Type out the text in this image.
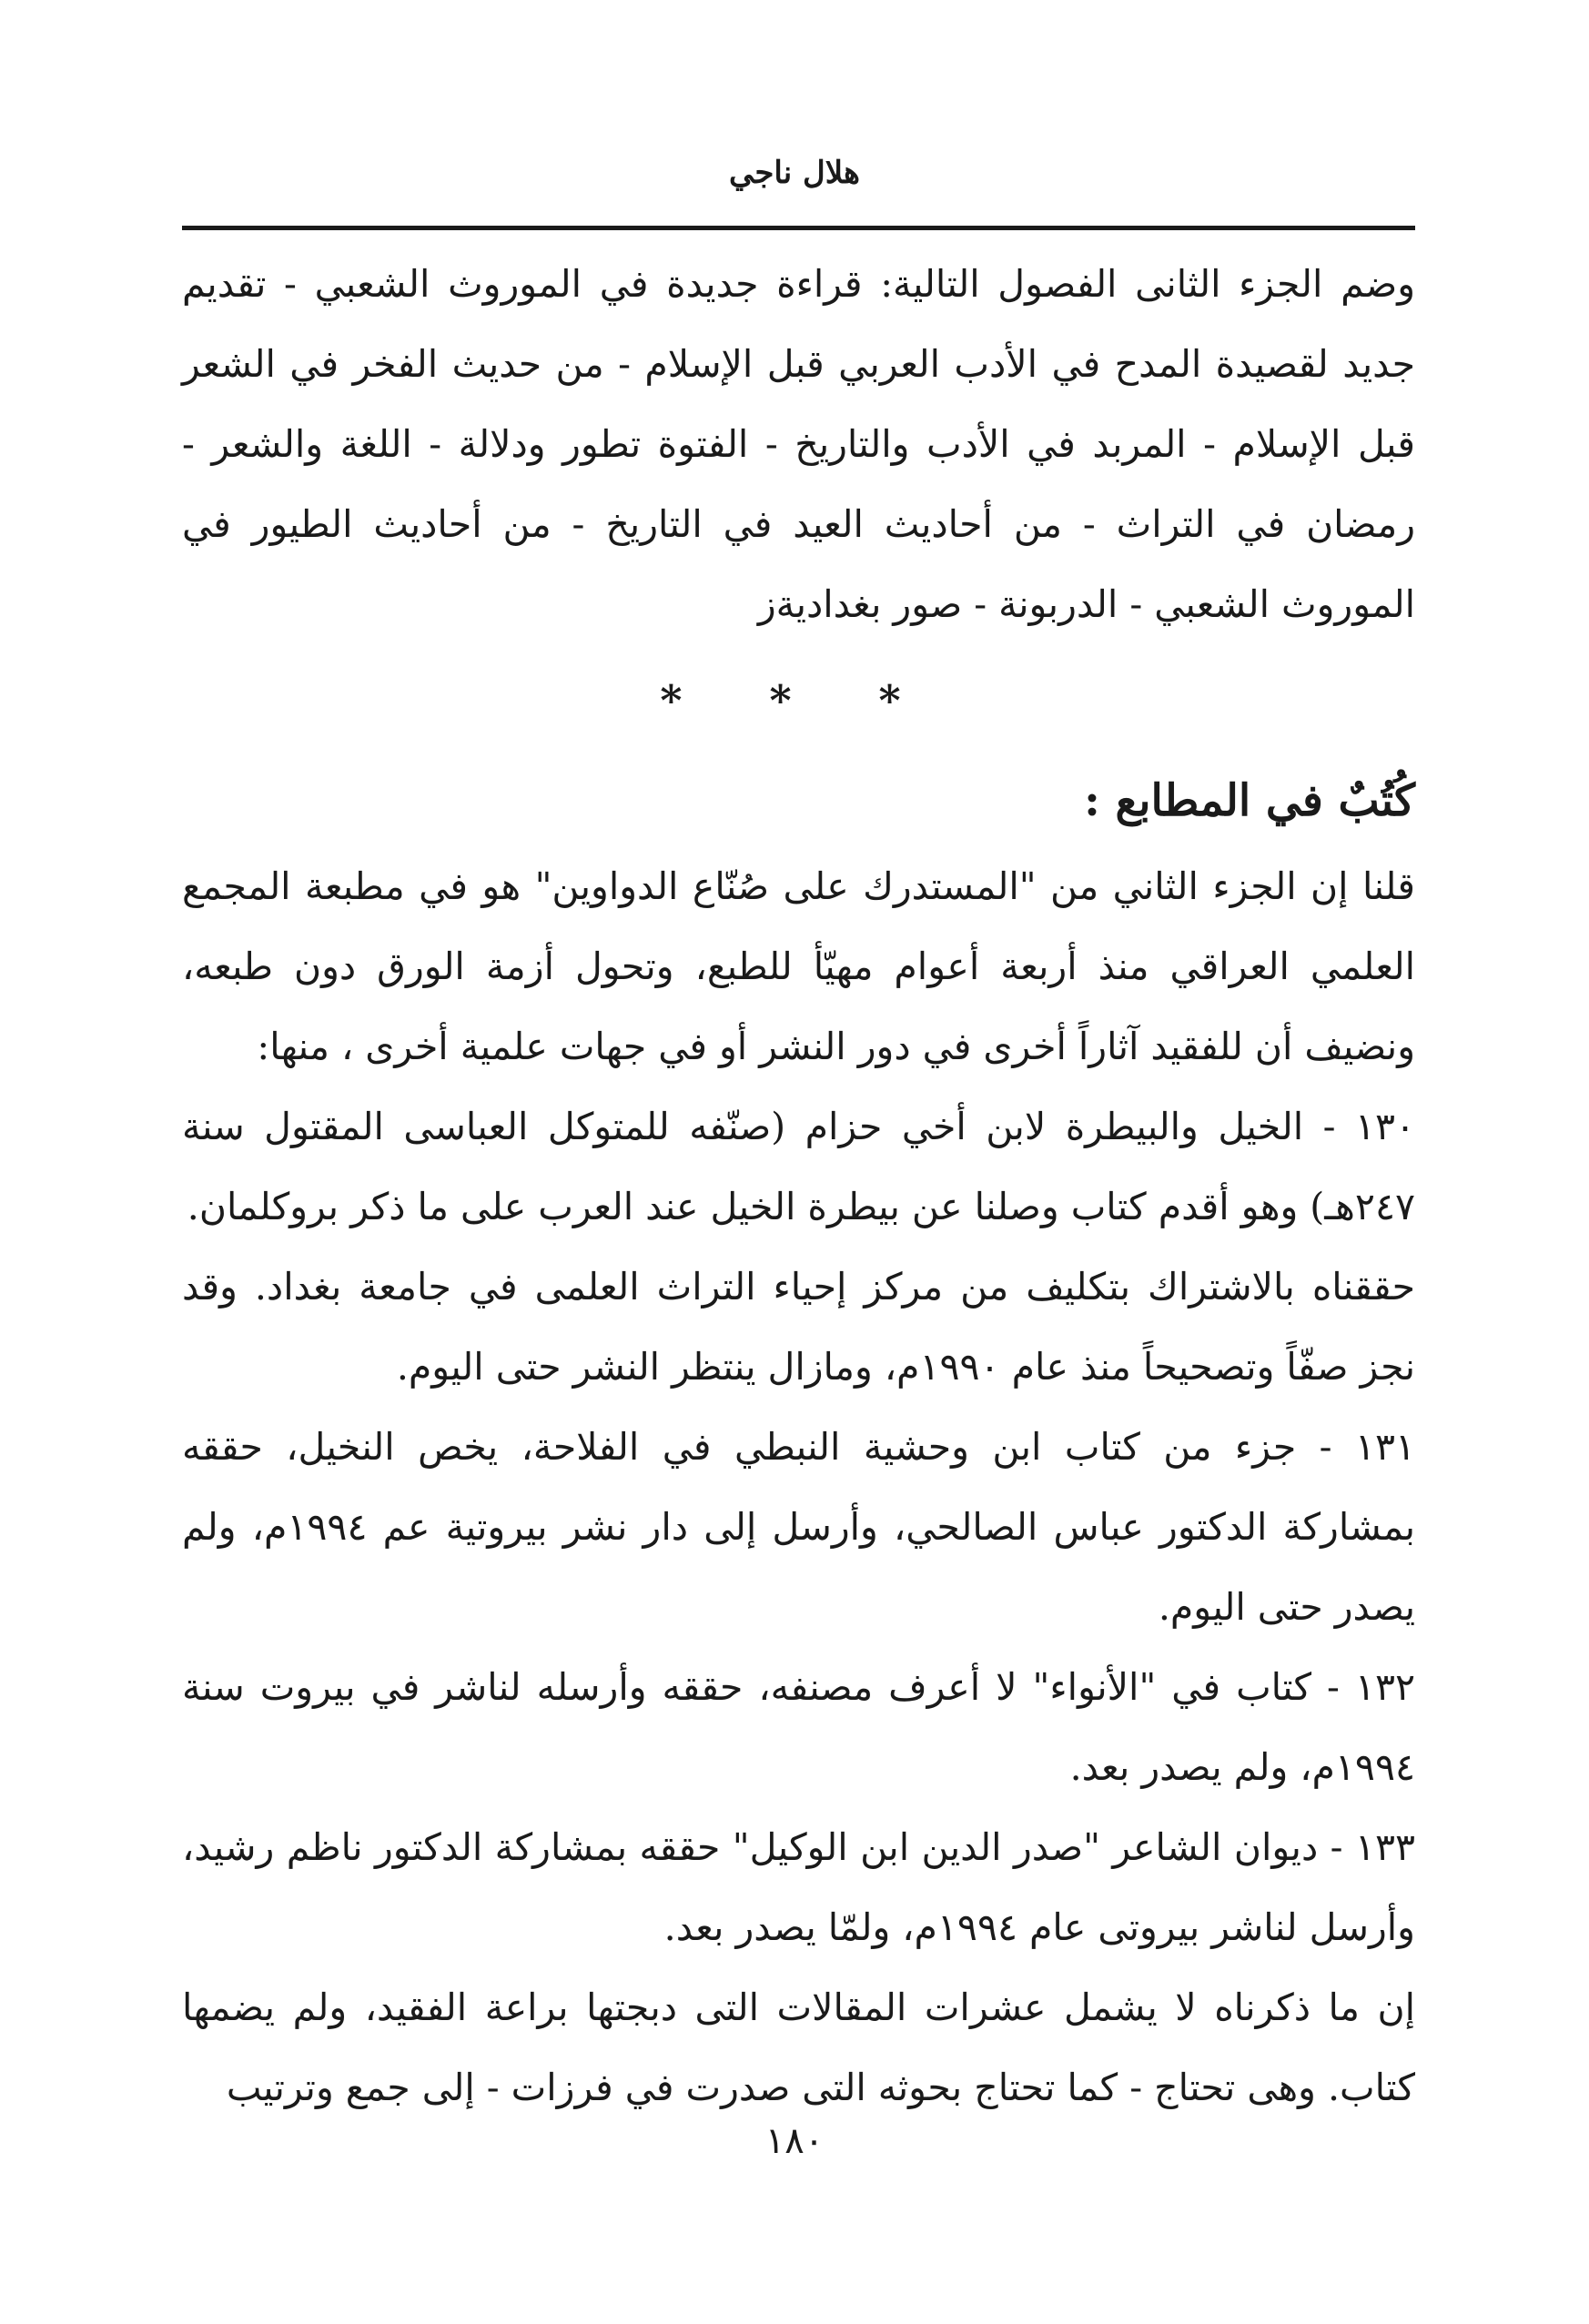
هلال ناجي

وضم الجزء الثانى الفصول التالية: قراءة جديدة في الموروث الشعبي - تقديم جديد لقصيدة المدح في الأدب العربي قبل الإسلام - من حديث الفخر في الشعر قبل الإسلام - المربد في الأدب والتاريخ - الفتوة تطور ودلالة - اللغة والشعر - رمضان في التراث - من أحاديث العيد في التاريخ - من أحاديث الطيور في الموروث الشعبي - الدربونة - صور بغدادية‌ز

* * *

كُتُبٌ في المطابع :

قلنا إن الجزء الثاني من "المستدرك على صُنّاع الدواوين" هو في مطبعة المجمع العلمي العراقي منذ أربعة أعوام مهيّأ للطبع، وتحول أزمة الورق دون طبعه، ونضيف أن للفقيد آثاراً أخرى في دور النشر أو في جهات علمية أخرى ، منها:

١٣٠ - الخيل والبيطرة لابن أخي حزام (صنّفه للمتوكل العباسى المقتول سنة ٢٤٧هـ) وهو أقدم كتاب وصلنا عن بيطرة الخيل عند العرب على ما ذكر بروكلمان.

حققناه بالاشتراك بتكليف من مركز إحياء التراث العلمى في جامعة بغداد. وقد نجز صفّاً وتصحيحاً منذ عام ١٩٩٠م، ومازال ينتظر النشر حتى اليوم.

١٣١ - جزء من كتاب ابن وحشية النبطي في الفلاحة، يخص النخيل، حققه بمشاركة الدكتور عباس الصالحي، وأرسل إلى دار نشر بيروتية عم ١٩٩٤م، ولم يصدر حتى اليوم.

١٣٢ - كتاب في "الأنواء" لا أعرف مصنفه، حققه وأرسله لناشر في بيروت سنة ١٩٩٤م، ولم يصدر بعد.

١٣٣ - ديوان الشاعر "صدر الدين ابن الوكيل" حققه بمشاركة الدكتور ناظم رشيد، وأرسل لناشر بيروتى عام ١٩٩٤م، ولمّا يصدر بعد.

إن ما ذكرناه لا يشمل عشرات المقالات التى دبجتها براعة الفقيد، ولم يضمها كتاب. وهى تحتاج - كما تحتاج بحوثه التى صدرت في فرزات - إلى جمع وترتيب

١٨٠
